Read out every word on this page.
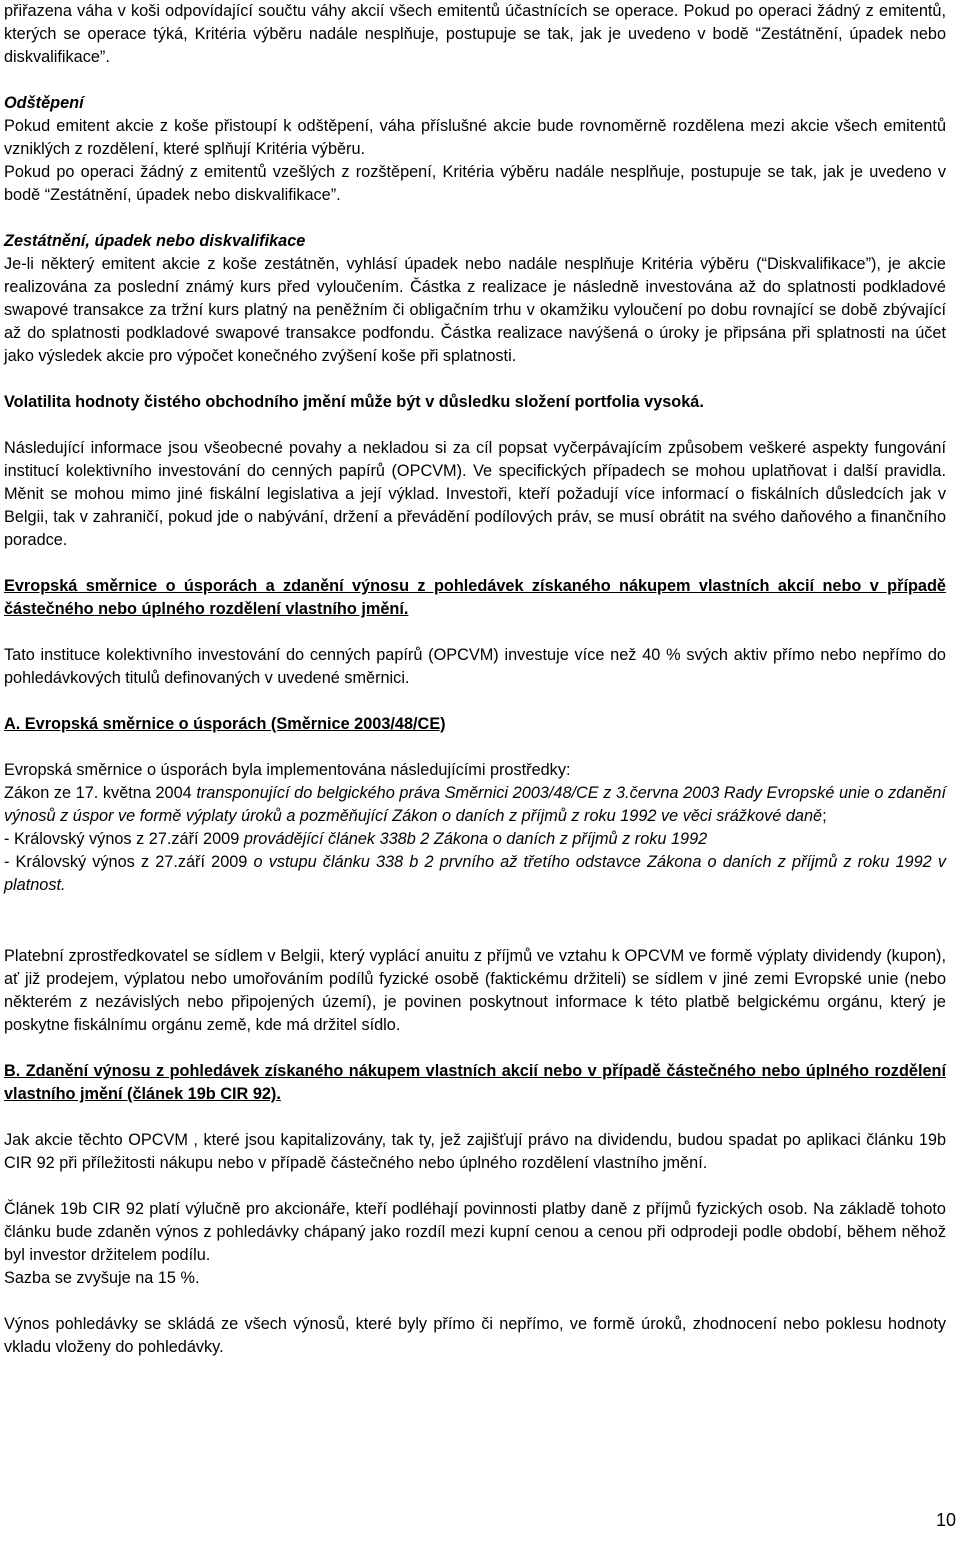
přiřazena váha v koši odpovídající součtu váhy akcií všech emitentů účastnících se operace. Pokud po operaci žádný z emitentů, kterých se operace týká, Kritéria výběru nadále nesplňuje, postupuje se tak, jak je uvedeno v bodě “Zestátnění, úpadek nebo diskvalifikace”.

Odštěpení

Pokud emitent akcie z koše přistoupí k odštěpení, váha příslušné akcie bude rovnoměrně rozdělena mezi akcie všech emitentů vzniklých z rozdělení, které splňují Kritéria výběru.

Pokud po operaci žádný z emitentů vzešlých z rozštěpení, Kritéria výběru nadále nesplňuje, postupuje se tak, jak je uvedeno v bodě “Zestátnění, úpadek nebo diskvalifikace”.

Zestátnění, úpadek nebo diskvalifikace

Je-li některý emitent akcie z koše zestátněn, vyhlásí úpadek nebo nadále nesplňuje Kritéria výběru (“Diskvalifikace”), je akcie realizována za poslední známý kurs před vyloučením. Částka z realizace je následně investována až do splatnosti podkladové swapové transakce za tržní kurs platný na peněžním či obligačním trhu v okamžiku vyloučení po dobu rovnající se době zbývající až do splatnosti podkladové swapové transakce podfondu. Částka realizace navýšená o úroky je připsána při splatnosti na účet jako výsledek akcie pro výpočet konečného zvýšení koše při splatnosti.

Volatilita hodnoty čistého obchodního jmění může být v důsledku složení portfolia vysoká.

Následující informace jsou všeobecné povahy a nekladou si za cíl popsat vyčerpávajícím způsobem veškeré aspekty fungování institucí kolektivního investování do cenných papírů (OPCVM). Ve specifických případech se mohou uplatňovat i další pravidla. Měnit se mohou mimo jiné fiskální legislativa a její výklad. Investoři, kteří požadují více informací o fiskálních důsledcích jak v Belgii, tak v zahraničí, pokud jde o nabývání, držení a převádění podílových práv, se musí obrátit na svého daňového a finančního poradce.

Evropská směrnice o úsporách a zdanění výnosu z pohledávek získaného nákupem vlastních akcií nebo v případě částečného nebo úplného rozdělení vlastního jmění.

Tato instituce kolektivního investování do cenných papírů (OPCVM) investuje více než 40 % svých aktiv přímo nebo nepřímo do pohledávkových titulů definovaných v uvedené směrnici.

A. Evropská směrnice o úsporách (Směrnice 2003/48/CE)

Evropská směrnice o úsporách byla implementována následujícími prostředky:

Zákon ze 17. května 2004 transponující do belgického práva Směrnici 2003/48/CE z 3.června 2003 Rady Evropské unie o zdanění výnosů z úspor ve formě výplaty úroků a pozměňující Zákon o daních z příjmů z roku 1992 ve věci srážkové daně;

- Královský výnos z 27.září 2009 provádějící článek 338b 2 Zákona o daních z příjmů z roku 1992

- Královský výnos z 27.září 2009 o vstupu článku 338 b 2 prvního až třetího odstavce Zákona o daních z příjmů z roku 1992 v platnost.

Platební zprostředkovatel se sídlem v Belgii, který vyplácí anuitu z příjmů ve vztahu k OPCVM ve formě výplaty dividendy (kupon), ať již prodejem, výplatou nebo umořováním podílů fyzické osobě (faktickému držiteli) se sídlem v jiné zemi Evropské unie (nebo některém z nezávislých nebo připojených území), je povinen poskytnout informace k této platbě belgickému orgánu, který je poskytne fiskálnímu orgánu země, kde má držitel sídlo.

B. Zdanění výnosu z pohledávek získaného nákupem vlastních akcií nebo v případě částečného nebo úplného rozdělení vlastního jmění (článek 19b CIR 92).

Jak akcie těchto OPCVM , které jsou kapitalizovány, tak ty, jež zajišťují právo na dividendu, budou spadat po aplikaci článku 19b CIR 92 při příležitosti nákupu nebo v případě částečného nebo úplného rozdělení vlastního jmění.

Článek 19b CIR 92 platí výlučně pro akcionáře, kteří podléhají povinnosti platby daně z příjmů fyzických osob. Na základě tohoto článku bude zdaněn výnos z pohledávky chápaný jako rozdíl mezi kupní cenou a cenou při odprodeji podle období, během něhož byl investor držitelem podílu.

Sazba se zvyšuje na 15 %.

Výnos pohledávky se skládá ze všech výnosů, které byly přímo či nepřímo, ve formě úroků, zhodnocení nebo poklesu hodnoty vkladu vloženy do pohledávky.

10
